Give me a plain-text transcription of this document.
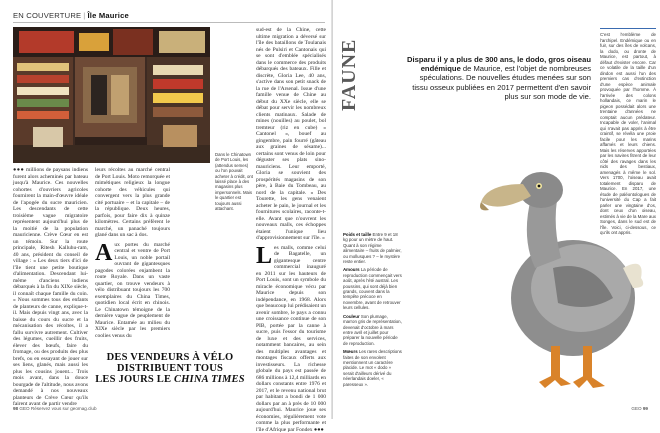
EN COUVERTURE | Île Maurice
●●● millions de paysans indiens furent alors acheminés par bateau jusqu'à Maurice. Ces nouvelles cohortes d'ouvriers agricoles fournirent la main-d'œuvre idéale de l'apogée du sucre mauricien. Les descendants de cette troisième vague migratoire représentent aujourd'hui plus de la moitié de la population mauricienne. Crève Cœur en est un témoin. Sur la route principale, Ritesh Kalluhu-ram, 40 ans, président du conseil de village : « Les deux tiers d'ici de l'île tient une petite boutique d'alimentation. Descendant lui-même d'anciens indiens débarqués à la fin du XIXe siècle, il connaît chaque famille du coin. « Nous sommes tous des enfants de planteurs de canne, explique-t-il. Mais depuis vingt ans, avec la baisse du cours du sucre et la mécanisation des récoltes, il a fallu survivre autrement. Cultiver des légumes, cueillir des fruits, élever des bœufs, faire du fromage, ou des produits des plus brefs, ou en essayant de jouer sur ses liens, glanés, mais aussi les plus les cousins jouent... Trois mois avant, dans la douce bourgade de l'altitude, nous avons demandé à nos nouveaux planteurs de Crève Cœur qu'ils fairent avant de partir vendre

leurs récoltes au marché central de Port Louis. Moto remorquée et mimétiques religieux la longue cohorte des véhicules qui convergent vers la plus grande cité portuaire – et la capitale – de la république. Deux heures, parfois, pour faire dix à quinze kilomètres. Certains préfèrent le marché, un panaché toujours glané dans un sac à dos.

Aux portes du marché central et ventre de Port Louis, un noble portail ouvrant de gigantesques pagodes colorées enjambent la route Royale. Dans un vaste quartier, on trouve vendeurs à vélo distribuant toujours les 700 exemplaires du China Times, quotidien local écrit en chinois. Le Chinatown témoigne de la dernière vague de peuplement de Maurice. Entamée au milieu du XIXe siècle par les premiers coolies venus du

Dans le Chinatown de Port Louis, les (attendus semes) ou l'on pouvait acheter à crédit, ont laissé place à des magasins plus impersonnels. Mais le quartier est toujours aussi attachant.

sud-est de la Chine, cette ultime migration a déversé sur l'île des bataillons de Toulanais nés de Pulsiri et Cantonais qui se sont d'emblée spécialisés dans le commerce des produits débarqués des bateaux. Fille et discrète, Gloria Lee, 40 ans, s'active dans son petit snack de la rue de l'Arsenal. Issue d'une famille venue de Chine au début du XXe siècle, elle se débat pour servir les nombreux clients matinaux. Salade de mines (nouilles) au poulet, bol tremteur (riz en cube) « Cantonel », bouef au gingembre, pain fourré (gâteau aux graines de sésame)... certains sont venus de loin pour déguster ses plats sino-mauriciens. Leur emporté, Gloria se souvient des prospérités magasins de son père, à Baie du Tombeau, au nord de la capitale. « Des Tourette, les gens venaient acheter le pain, le journal et les fournitures scolaires, raconte-t-elle. Avant que n'ouvrent les nouveaux malls, ces échoppes étaient l'unique lieu d'approvisionnement sur l'île. »

Les malls, comme celui de Bagatelle, un gigantesque centre commercial inauguré en 2011 sur les hauteurs de Port Louis, sont un symbole du miracle économique vécu par Maurice depuis son indépendance, en 1968. Alors que beaucoup lui prédisaient un avenir sombre, le pays a connu une croissance continue de son PIB, portée par la canne à sucre, puis l'essor du tourisme de luxe et des services, notamment bancaires, au sein des multiples avantages et montages fiscaux offerts aux investisseurs. La richesse globale du pays est passée de 686 millions à 12,4 milliards en dollars constants entre 1976 et 2017, et le revenu national brut par habitant a bondi de 1 000 dollars par an à près de 10 000 aujourd'hui. Maurice joue ses économies, régulièrement vote comme la plus performante et l'île d'Afrique par Fondex ●●●

DES VENDEURS À VÉLO
DISTRIBUENT TOUS
LES JOURS LE CHINA TIMES
98 GEO Réservez vous sur geomag.club
FAUNE	Disparu il y a plus de 300 ans, le dodo, gros oiseau endémique de Maurice, est l'objet de nombreuses spéculations. De nouvelles études menées sur son tissu osseux publiées en 2017 permettent d'en savoir plus sur son mode de vie.
C'est l'emblème de l'archipel. Endémique ou en fuir, sur des îles de volcans, la dodo, ou dronte de Maurice, est partout, à défaut d'exister encore. Car ce volatile de la taille d'un dindon est aussi l'un des premiers cas d'extinction d'une espèce animale provoquée par l'homme. À l'arrivée des colons hollandais, ce marin le pigeon possédait alors une trentaine d'années ne comptait aucun prédateur. Incapable de voler, l'animal qui n'avait pas appris à être craintif, se révéla une proie facile pour les marins affamés et leurs chiens. Mais les réserves apportées par les navires fitrent de leur côté des ravages dans les nids des bestiaux, amenagés à même le sol. Vers 1700, l'oiseau avait totalement disparu de Maurice. En 2017, une étude de paléontologues de l'université du Cap a fait parler une vingtaine d'os, dont ceux d'un oiseau, estimés à vie de la Mare aux Songes, dans le sud est de l'île. Voici, ci-dessous, ce qu'ils ont appris.

Poids et taille Entre 9 et 18 kg pour un mètre de haut. Quant à son régime alimentaire – fruits de palmier, ou mollusques ? – le mystère reste entier.

Amours La période de reproduction commençait vers août, après l'été austral. Les poussins, qui sont déjà bien grands, couvent dans la tempête précoce en novembre, avant de retrouver leurs cellules.

Couleur Son plumage, marron gris de représentation, devenait d'octobre à mars entre avril et juillet pour préparer la nouvelle période de reproduction.

Mœurs Les rares descriptions faites de son envolent mentionnent un caractère placide. Le mot « dodo » serait d'ailleurs dérivé du néerlandais doeler, « paresseux ».

GEO 99
